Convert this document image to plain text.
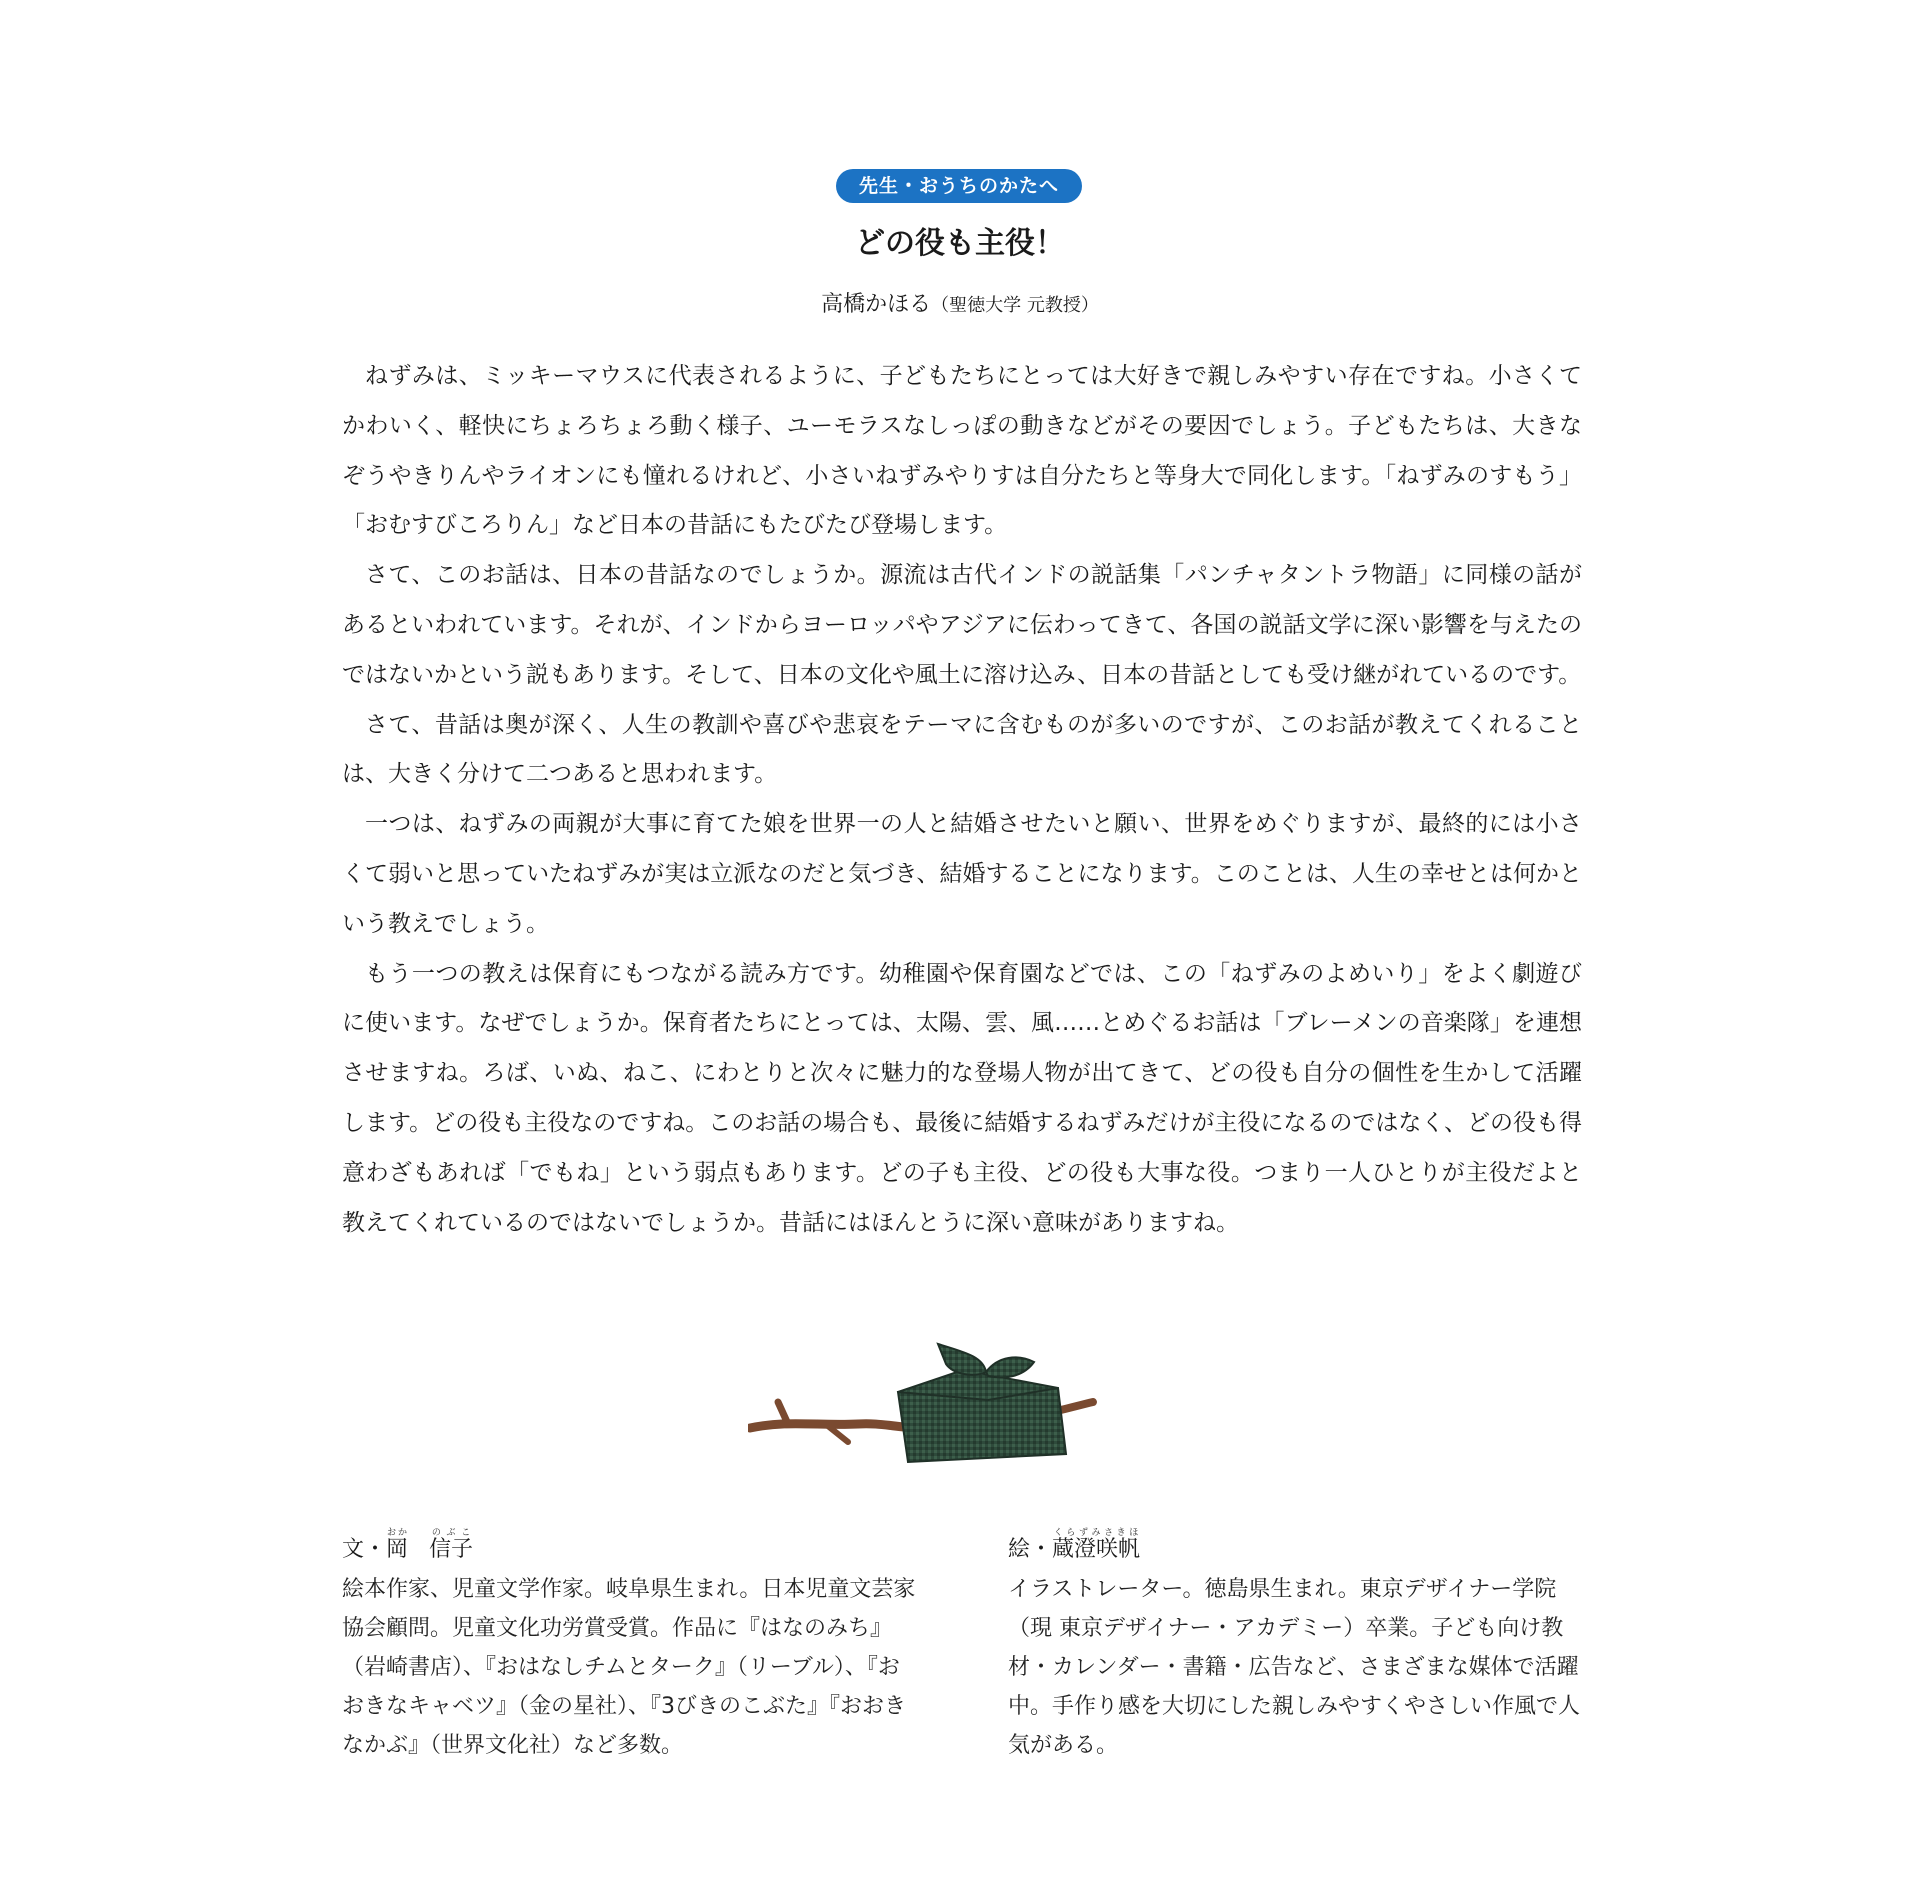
先生・おうちのかたへ
どの役も主役！
高橋かほる（聖徳大学 元教授）

ねずみは、ミッキーマウスに代表されるように、子どもたちにとっては大好きで親しみやすい存在ですね。小さくてかわいく、軽快にちょろちょろ動く様子、ユーモラスなしっぽの動きなどがその要因でしょう。子どもたちは、大きなぞうやきりんやライオンにも憧れるけれど、小さいねずみやりすは自分たちと等身大で同化します。「ねずみのすもう」「おむすびころりん」など日本の昔話にもたびたび登場します。

さて、このお話は、日本の昔話なのでしょうか。源流は古代インドの説話集「パンチャタントラ物語」に同様の話があるといわれています。それが、インドからヨーロッパやアジアに伝わってきて、各国の説話文学に深い影響を与えたのではないかという説もあります。そして、日本の文化や風土に溶け込み、日本の昔話としても受け継がれているのです。

さて、昔話は奥が深く、人生の教訓や喜びや悲哀をテーマに含むものが多いのですが、このお話が教えてくれることは、大きく分けて二つあると思われます。

一つは、ねずみの両親が大事に育てた娘を世界一の人と結婚させたいと願い、世界をめぐりますが、最終的には小さくて弱いと思っていたねずみが実は立派なのだと気づき、結婚することになります。このことは、人生の幸せとは何かという教えでしょう。

もう一つの教えは保育にもつながる読み方です。幼稚園や保育園などでは、この「ねずみのよめいり」をよく劇遊びに使います。なぜでしょうか。保育者たちにとっては、太陽、雲、風……とめぐるお話は「ブレーメンの音楽隊」を連想させますね。ろば、いぬ、ねこ、にわとりと次々に魅力的な登場人物が出てきて、どの役も自分の個性を生かして活躍します。どの役も主役なのですね。このお話の場合も、最後に結婚するねずみだけが主役になるのではなく、どの役も得意わざもあれば「でもね」という弱点もあります。どの子も主役、どの役も大事な役。つまり一人ひとりが主役だよと教えてくれているのではないでしょうか。昔話にはほんとうに深い意味がありますね。

文・岡おか   信子のぶこ
絵本作家、児童文学作家。岐阜県生まれ。日本児童文芸家協会顧問。児童文化功労賞受賞。作品に『はなのみち』（岩崎書店）、『おはなしチムとターク』（リーブル）、『おおきなキャベツ』（金の星社）、『3びきのこぶた』『おおきなかぶ』（世界文化社）など多数。
絵・蔵澄咲帆くらずみさきほ
イラストレーター。徳島県生まれ。東京デザイナー学院（現 東京デザイナー・アカデミー）卒業。子ども向け教材・カレンダー・書籍・広告など、さまざまな媒体で活躍中。手作り感を大切にした親しみやすくやさしい作風で人気がある。
